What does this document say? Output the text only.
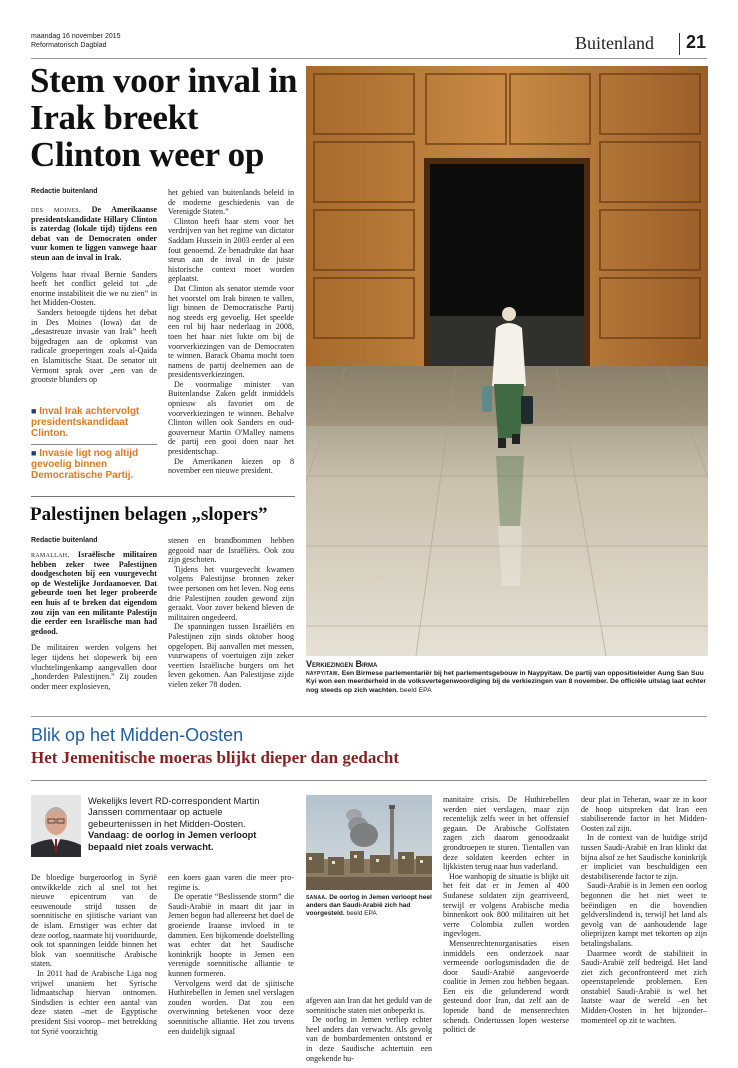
maandag 16 november 2015
Reformatorisch Dagblad	Buitenland 21
Stem voor inval in Irak breekt Clinton weer op
Redactie buitenland

des moines. De Amerikaanse presidentskandidate Hillary Clinton is zaterdag (lokale tijd) tijdens een debat van de Democraten onder vuur komen te liggen vanwege haar steun aan de inval in Irak.

Volgens haar rivaal Bernie Sanders heeft het conflict geleid tot „de enorme instabiliteit die we nu zien” in het Midden-Oosten.

Sanders betoogde tijdens het debat in Des Moines (Iowa) dat de „desastreuze invasie van Irak” heeft bijgedragen aan de opkomst van radicale groeperingen zoals al-Qaida en Islamitische Staat. De senator uit Vermont sprak over „een van de grootste blunders op

■ Inval Irak achtervolgt presidentskandidaat Clinton.
■ Invasie ligt nog altijd gevoelig binnen Democratische Partij.

het gebied van buitenlands beleid in de moderne geschiedenis van de Verenigde Staten.”

Clinton heeft haar stem voor het verdrijven van het regime van dictator Saddam Hussein in 2003 eerder al een fout genoemd. Ze benadrukte dat haar steun aan de inval in de juiste historische context moet worden geplaatst.

Dat Clinton als senator stemde voor het voorstel om Irak binnen te vallen, ligt binnen de Democratische Partij nog steeds erg gevoelig. Het speelde een rol bij haar nederlaag in 2008, toen het haar niet lukte om bij de voorverkiezingen van de Democraten te winnen. Barack Obama mocht toen namens de partij deelnemen aan de presidentsverkiezingen.

De voormalige minister van Buitenlandse Zaken geldt inmiddels opnieuw als favoriet om de voorverkiezingen te winnen. Behalve Clinton willen ook Sanders en oud-gouverneur Martin O'Malley namens de partij een gooi doen naar het presidentschap.

De Amerikanen kiezen op 8 november een nieuwe president.

Palestijnen belagen „slopers”
Redactie buitenland

ramallah. Israëlische militairen hebben zeker twee Palestijnen doodgeschoten bij een vuurgevecht op de Westelijke Jordaanoever. Dat gebeurde toen het leger probeerde een huis af te breken dat eigendom zou zijn van een militante Palestijn die eerder een Israëlische man had gedood.

De militairen werden volgens het leger tijdens het slopewerk bij een vluchtelingenkamp aangevallen door „honderden Palestijnen.” Zij zouden onder meer explosieven,

stenen en brandbommen hebben gegooid naar de Israëliërs. Ook zou zijn geschoten.

Tijdens het vuurgevecht kwamen volgens Palestijnse bronnen zeker twee personen om het leven. Nog eens drie Palestijnen zouden gewond zijn geraakt. Voor zover bekend bleven de militairen ongedeerd.

De spanningen tussen Israëliërs en Palestijnen zijn sinds oktober hoog opgelopen. Bij aanvallen met messen, vuurwapens of voertuigen zijn zeker veertien Israëlische burgers om het leven gekomen. Aan Palestijnse zijde vielen zeker 78 doden.

Verkiezingen Birma
naypyitaw. Een Birmese parlementariër bij het parlementsgebouw in Naypyitaw. De partij van oppositieleider Aung San Suu Kyi won een meerderheid in de volksvertegenwoordiging bij de verkiezingen van 8 november. De officiële uitslag laat echter nog steeds op zich wachten. beeld EPA
Blik op het Midden-Oosten
Het Jemenitische moeras blijkt dieper dan gedacht
Wekelijks levert RD-correspondent Martin Janssen commentaar op actuele gebeurtenissen in het Midden-Oosten. Vandaag: de oorlog in Jemen verloopt bepaald niet zoals verwacht.

De bloedige burgeroorlog in Syrië ontwikkelde zich al snel tot het nieuwe epicentrum van de eeuwenoude strijd tussen de soennitische en sjiitische variant van de islam. Ernstiger was echter dat deze oorlog, naarmate hij voortduurde, ook tot spanningen leidde binnen het blok van soennitische Arabische staten.

In 2011 had de Arabische Liga nog vrijwel unaniem het Syrische lidmaatschap hiervan ontnomen. Sindsdien is echter een aantal van deze staten –met de Egyptische president Sisi voorop– met betrekking tot Syrië voorzichtig

een koers gaan varen die meer pro-regime is.

De operatie “Beslissende storm” die Saudi-Arabië in maart dit jaar in Jemen begon had allereerst het doel de groeiende Iraanse invloed in te dammen. Een bijkomende doelstelling was echter dat het Saudische koninkrijk hoopte in Jemen een verenigde soennitische alliantie te kunnen formeren.

Vervolgens werd dat de sjiitische Huthirebellen in Jemen snel verslagen zouden worden. Dat zou een overwinning betekenen voor deze soennitische alliantie. Het zou tevens een duidelijk signaal

sanaa. De oorlog in Jemen verloopt heel anders dan Saudi-Arabië zich had voorgesteld. beeld EPA

afgeven aan Iran dat het geduld van de soennitische staten niet onbeperkt is.

De oorlog in Jemen verliep echter heel anders dan verwacht. Als gevolg van de bombardementen ontstond er in deze Saudische achtertuin een ongekende hu-

manitaire crisis. De Huthirebellen werden niet verslagen, maar zijn recentelijk zelfs weer in het offensief gegaan. De Arabische Golfstaten zagen zich daarom genoodzaakt grondtroepen te sturen. Tientallen van deze soldaten keerden echter in lijkkisten terug naar hun vaderland.

Hoe wanhopig de situatie is blijkt uit het feit dat er in Jemen al 400 Sudanese soldaten zijn gearriveerd, terwijl er volgens Arabische media binnenkort ook 800 militairen uit het verre Colombia zullen worden ingevlogen.

Mensenrechtenorganisaties eisen inmiddels een onderzoek naar vermeende oorlogsmisdaden die de door Saudi-Arabië aangevoerde coalitie in Jemen zou hebben begaan. Een eis die gelunderend wordt gesteund door Iran, dat zelf aan de lopende band de mensenrechten schendt. Ondertussen lopen westerse politici de

deur plat in Teheran, waar ze in koor de hoop uitspreken dat Iran een stabiliserende factor in het Midden-Oosten zal zijn.

In de context van de huidige strijd tussen Saudi-Arabië en Iran klinkt dat bijna alsof ze het Saudische koninkrijk er impliciet van beschuldigen een destabiliserende factor te zijn.

Saudi-Arabië is in Jemen een oorlog begonnen die het niet weet te beëindigen en die bovendien geldverslindend is, terwijl het land als gevolg van de aanhoudende lage olieprijzen kampt met tekorten op zijn betalingsbalans.

Daarmee wordt de stabiliteit in Saudi-Arabië zelf bedreigd. Het land ziet zich geconfronteerd met zich opeenstapelende problemen. Een onstabiel Saudi-Arabië is wel het laatste waar de wereld –en het Midden-Oosten in het bijzonder– momenteel op zit te wachten.
